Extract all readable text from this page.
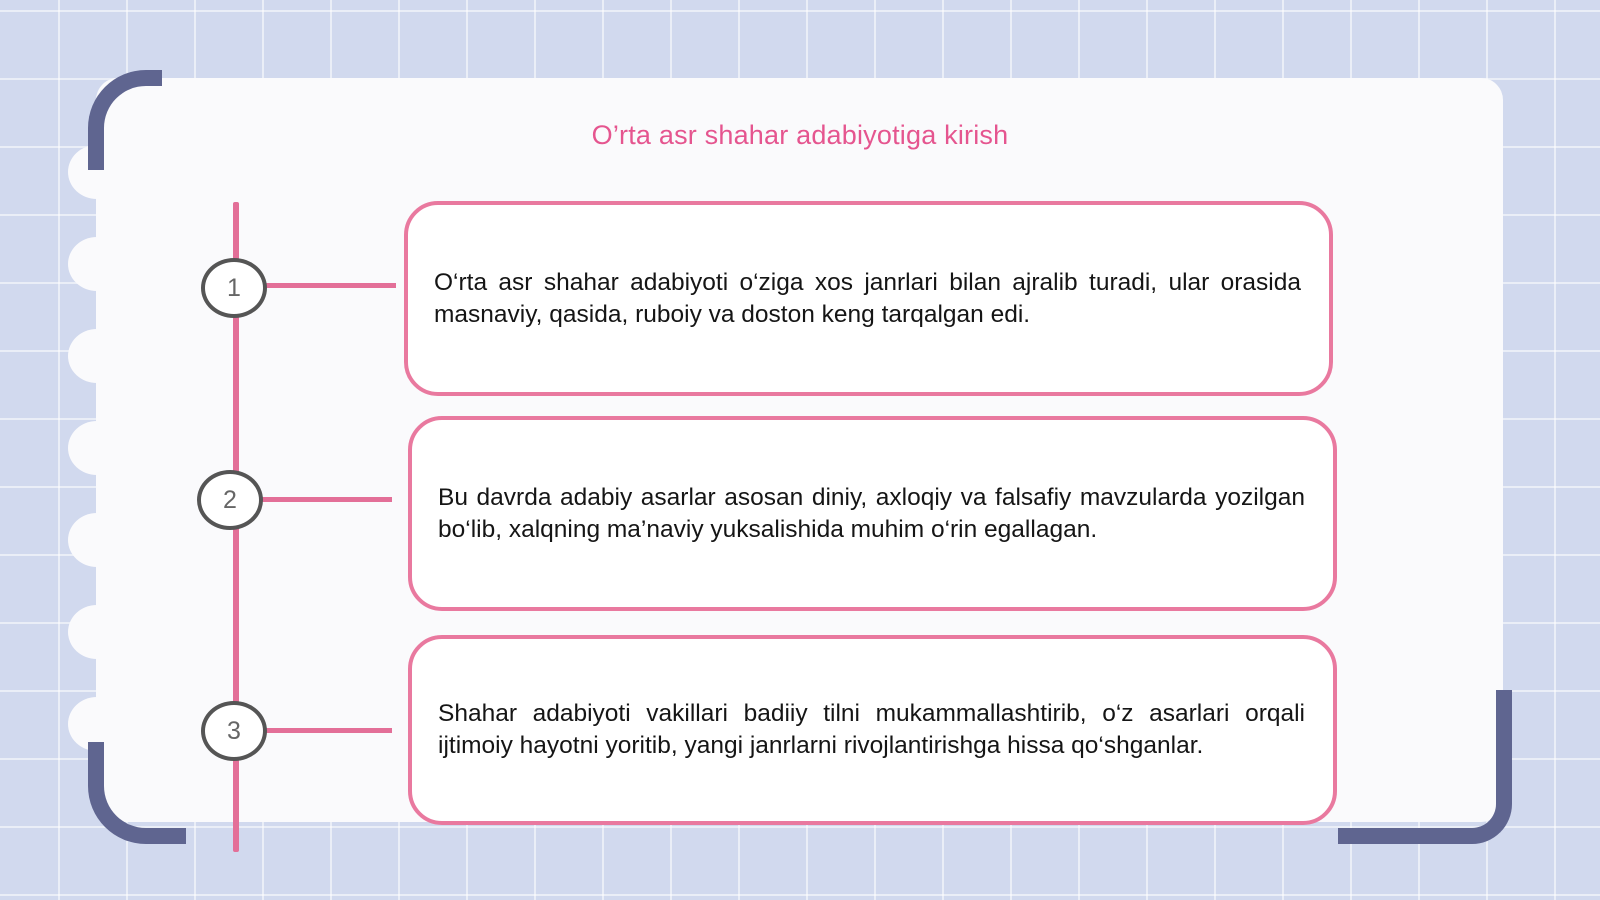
O’rta asr shahar adabiyotiga kirish
1	O‘rta asr shahar adabiyoti o‘ziga xos janrlari bilan ajralib turadi, ular orasida masnaviy, qasida, ruboiy va doston keng tarqalgan edi.

2	Bu davrda adabiy asarlar asosan diniy, axloqiy va falsafiy mavzularda yozilgan bo‘lib, xalqning ma’naviy yuksalishida muhim o‘rin egallagan.

3

Shahar adabiyoti vakillari badiiy tilni mukammallashtirib, o‘z asarlari orqali ijtimoiy hayotni yoritib, yangi janrlarni rivojlantirishga hissa qo‘shganlar.
